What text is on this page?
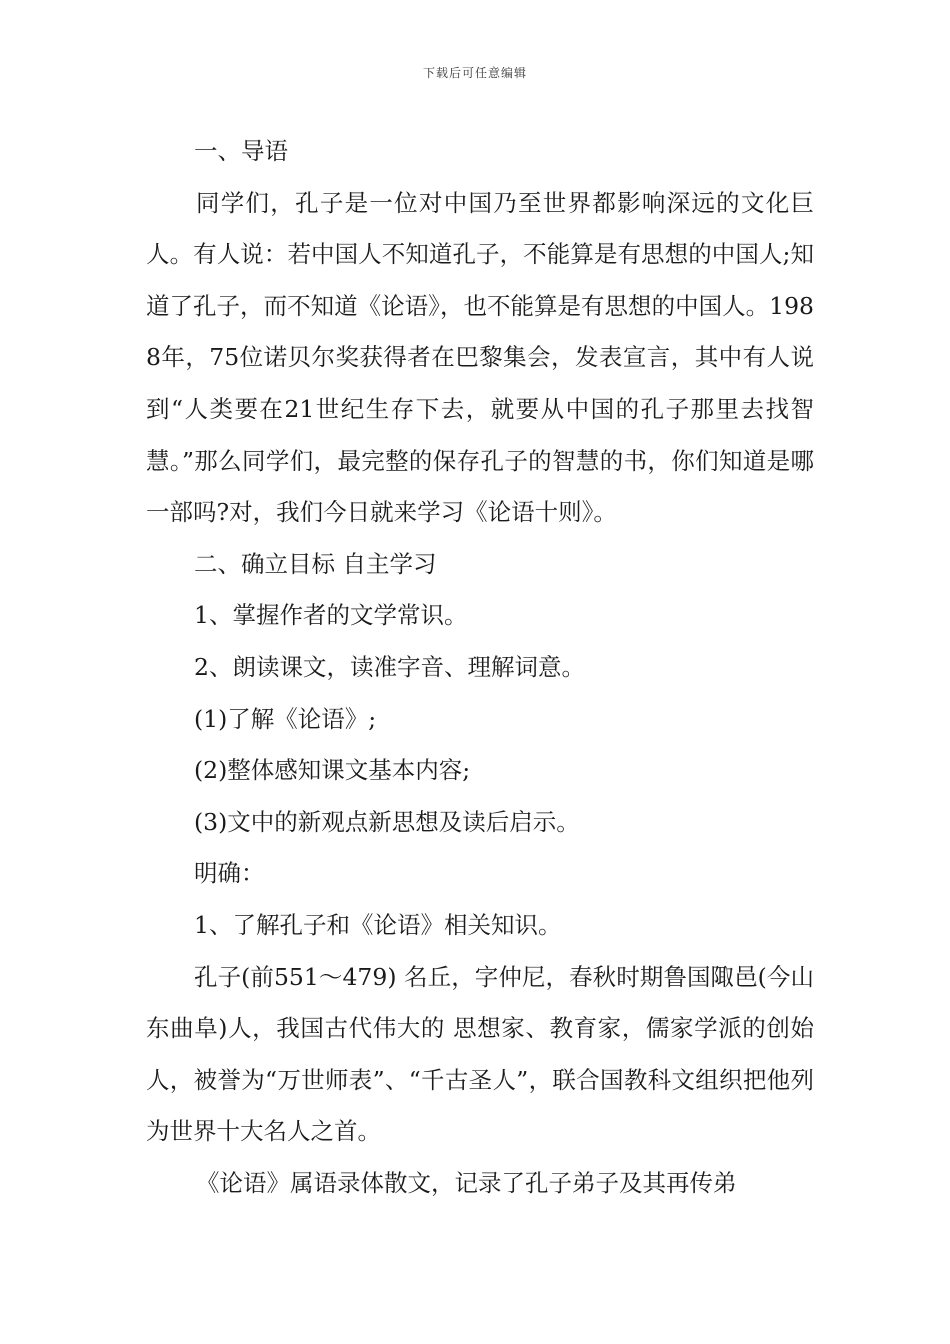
下载后可任意编辑

一、导语

同学们，孔子是一位对中国乃至世界都影响深远的文化巨人。有人说：若中国人不知道孔子，不能算是有思想的中国人;知道了孔子，而不知道《论语》，也不能算是有思想的中国人。198 8年，75位诺贝尔奖获得者在巴黎集会，发表宣言，其中有人说到“人类要在21世纪生存下去，就要从中国的孔子那里去找智慧。”那么同学们，最完整的保存孔子的智慧的书，你们知道是哪一部吗?对，我们今日就来学习《论语十则》。

二、确立目标 自主学习

1、掌握作者的文学常识。

2、朗读课文，读准字音、理解词意。

(1)了解《论语》;

(2)整体感知课文基本内容;

(3)文中的新观点新思想及读后启示。

明确：

1、了解孔子和《论语》相关知识。

孔子(前551～479) 名丘，字仲尼，春秋时期鲁国陬邑(今山东曲阜)人，我国古代伟大的 思想家、教育家，儒家学派的创始人，被誉为“万世师表”、“千古圣人”，联合国教科文组织把他列为世界十大名人之首。

《论语》属语录体散文，记录了孔子弟子及其再传弟
